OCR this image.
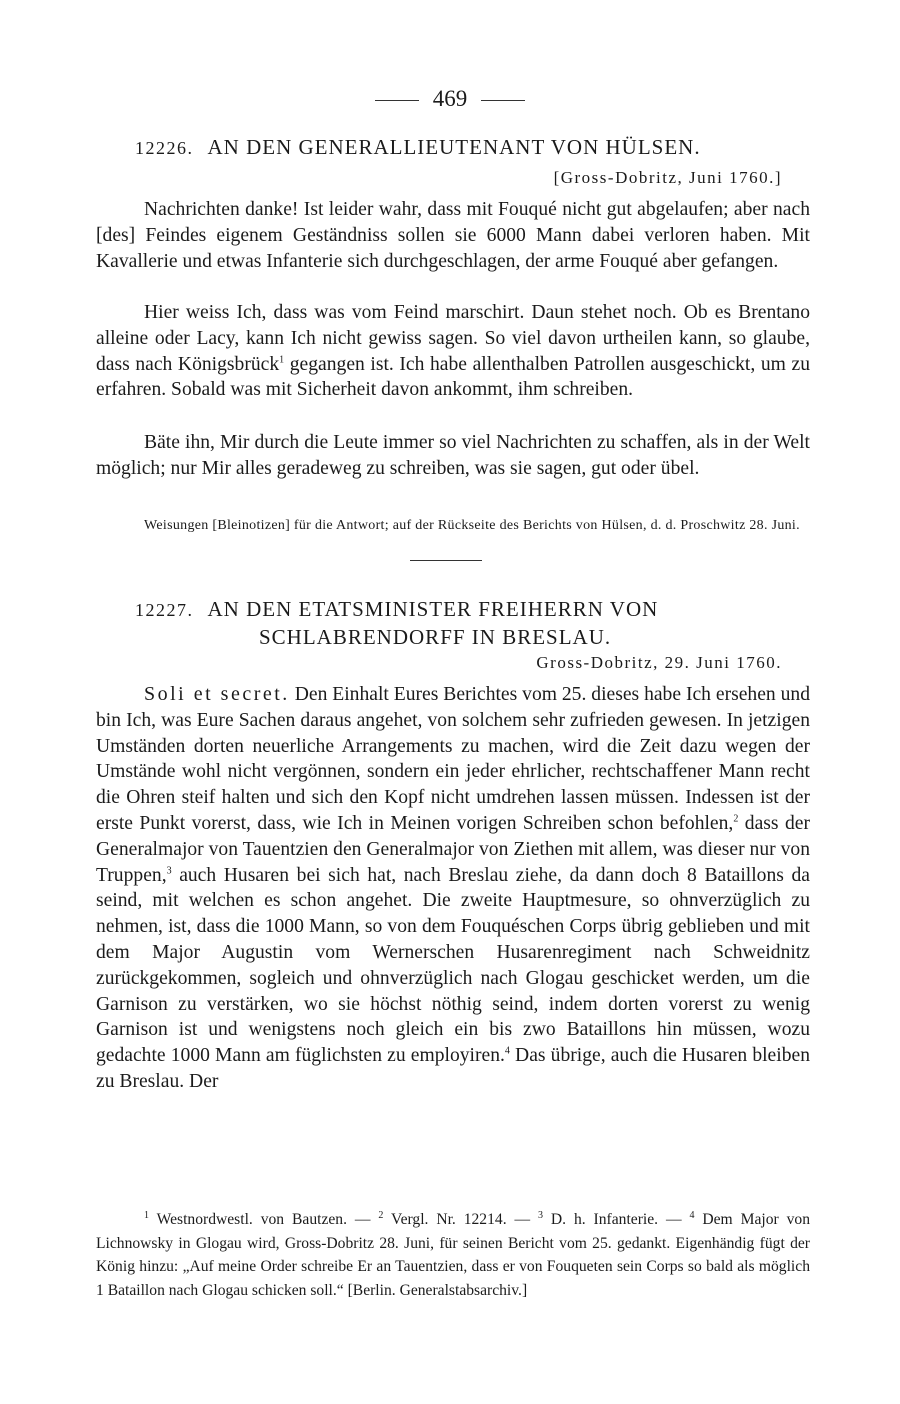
469
12226. AN DEN GENERALLIEUTENANT VON HÜLSEN.
[Gross-Dobritz, Juni 1760.]
Nachrichten danke! Ist leider wahr, dass mit Fouqué nicht gut abgelaufen; aber nach [des] Feindes eigenem Geständniss sollen sie 6000 Mann dabei verloren haben. Mit Kavallerie und etwas Infanterie sich durchgeschlagen, der arme Fouqué aber gefangen.
Hier weiss Ich, dass was vom Feind marschirt. Daun stehet noch. Ob es Brentano alleine oder Lacy, kann Ich nicht gewiss sagen. So viel davon urtheilen kann, so glaube, dass nach Königsbrück$^1$ gegangen ist. Ich habe allenthalben Patrollen ausgeschickt, um zu erfahren. Sobald was mit Sicherheit davon ankommt, ihm schreiben.
Bäte ihn, Mir durch die Leute immer so viel Nachrichten zu schaffen, als in der Welt möglich; nur Mir alles geradeweg zu schreiben, was sie sagen, gut oder übel.
Weisungen [Bleinotizen] für die Antwort; auf der Rückseite des Berichts von Hülsen, d. d. Proschwitz 28. Juni.
12227. AN DEN ETATSMINISTER FREIHERRN VON
SCHLABRENDORFF IN BRESLAU.
Gross-Dobritz, 29. Juni 1760.
Soli et secret. Den Einhalt Eures Berichtes vom 25. dieses habe Ich ersehen und bin Ich, was Eure Sachen daraus angehet, von solchem sehr zufrieden gewesen. In jetzigen Umständen dorten neuerliche Arrangements zu machen, wird die Zeit dazu wegen der Umstände wohl nicht vergönnen, sondern ein jeder ehrlicher, rechtschaffener Mann recht die Ohren steif halten und sich den Kopf nicht umdrehen lassen müssen. Indessen ist der erste Punkt vorerst, dass, wie Ich in Meinen vorigen Schreiben schon befohlen,$^2$ dass der Generalmajor von Tauentzien den Generalmajor von Ziethen mit allem, was dieser nur von Truppen,$^3$ auch Husaren bei sich hat, nach Breslau ziehe, da dann doch 8 Bataillons da seind, mit welchen es schon angehet. Die zweite Hauptmesure, so ohnverzüglich zu nehmen, ist, dass die 1000 Mann, so von dem Fouquéschen Corps übrig geblieben und mit dem Major Augustin vom Wernerschen Husarenregiment nach Schweidnitz zurückgekommen, sogleich und ohnverzüglich nach Glogau geschicket werden, um die Garnison zu verstärken, wo sie höchst nöthig seind, indem dorten vorerst zu wenig Garnison ist und wenigstens noch gleich ein bis zwo Bataillons hin müssen, wozu gedachte 1000 Mann am füglichsten zu employiren.$^4$ Das übrige, auch die Husaren bleiben zu Breslau. Der
$^1$ Westnordwestl. von Bautzen. — $^2$ Vergl. Nr. 12214. — $^3$ D. h. Infanterie. — $^4$ Dem Major von Lichnowsky in Glogau wird, Gross-Dobritz 28. Juni, für seinen Bericht vom 25. gedankt. Eigenhändig fügt der König hinzu: „Auf meine Order schreibe Er an Tauentzien, dass er von Fouqueten sein Corps so bald als möglich 1 Bataillon nach Glogau schicken soll.“ [Berlin. Generalstabsarchiv.]
